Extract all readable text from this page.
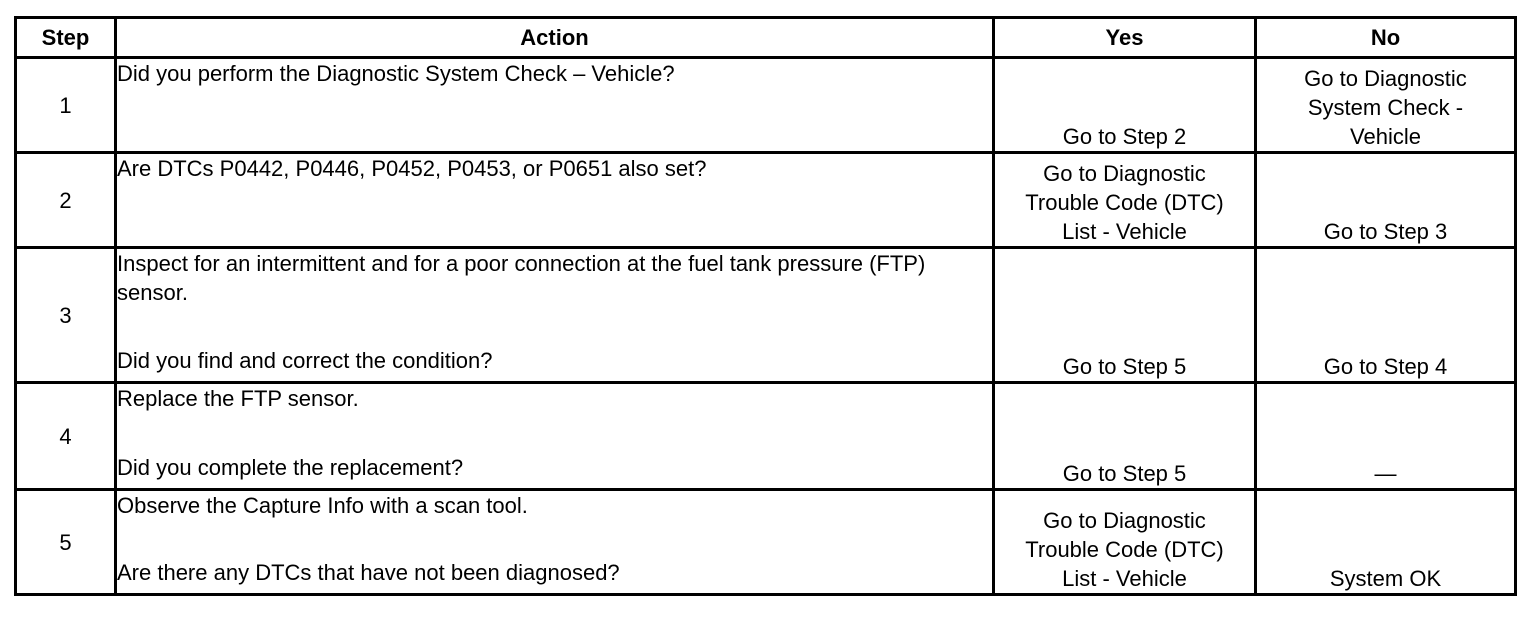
Step	Action	Yes	No
1	Did you perform the Diagnostic System Check – Vehicle?	Go to Step 2	Go to Diagnostic
System Check -
Vehicle
2	Are DTCs P0442, P0446, P0452, P0453, or P0651 also set?	Go to Diagnostic
Trouble Code (DTC)
List - Vehicle	Go to Step 3
3	Inspect for an intermittent and for a poor connection at the fuel tank pressure (FTP) sensor.
Did you find and correct the condition?	Go to Step 5	Go to Step 4
4	Replace the FTP sensor.
Did you complete the replacement?	Go to Step 5	—
5	Observe the Capture Info with a scan tool.
Are there any DTCs that have not been diagnosed?	Go to Diagnostic
Trouble Code (DTC)
List - Vehicle	System OK
